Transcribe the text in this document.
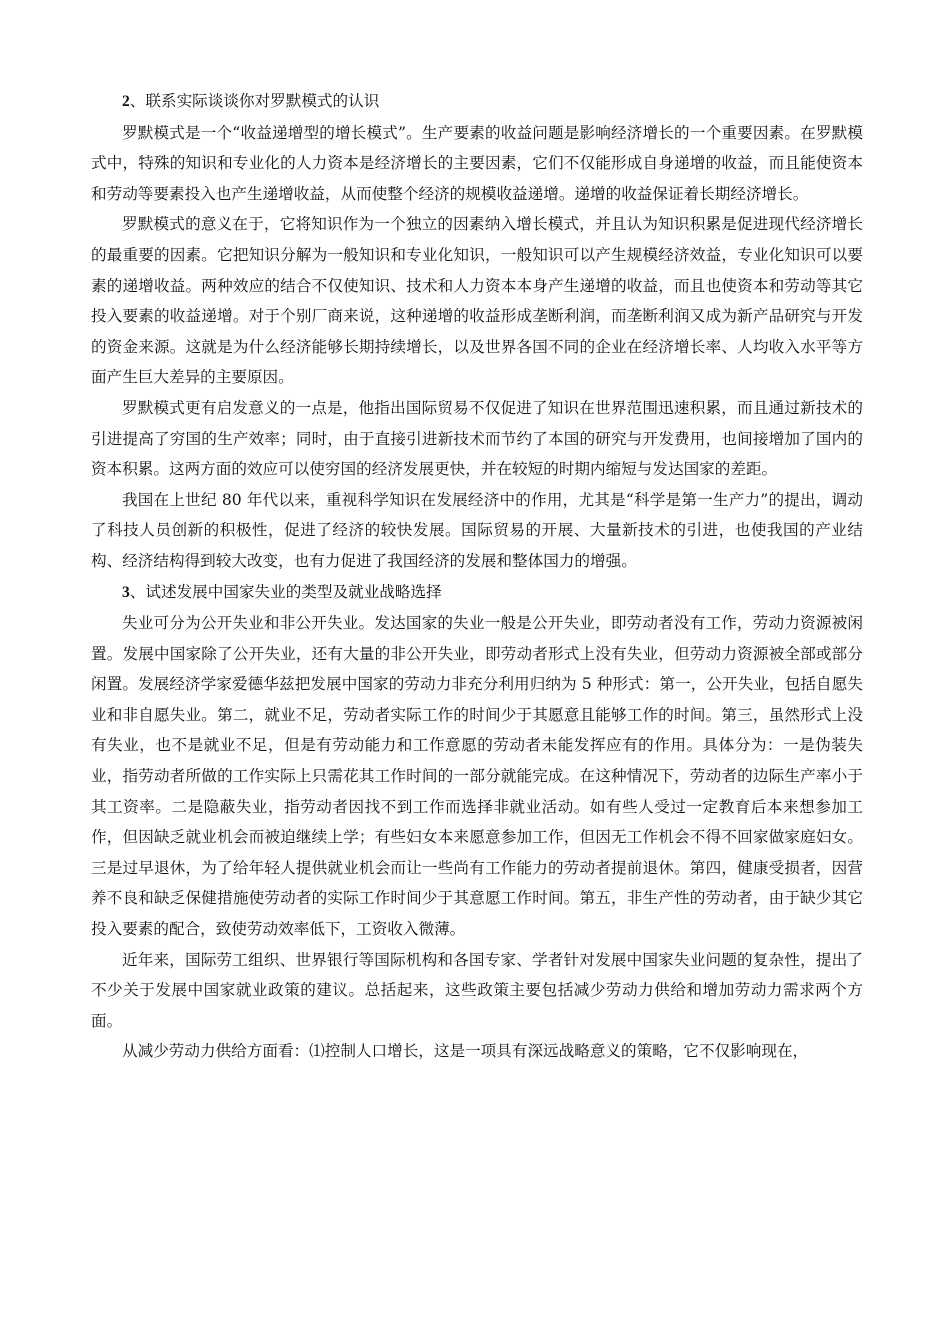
2、联系实际谈谈你对罗默模式的认识

罗默模式是一个“收益递增型的增长模式”。生产要素的收益问题是影响经济增长的一个重要因素。在罗默模式中，特殊的知识和专业化的人力资本是经济增长的主要因素，它们不仅能形成自身递增的收益，而且能使资本和劳动等要素投入也产生递增收益，从而使整个经济的规模收益递增。递增的收益保证着长期经济增长。

罗默模式的意义在于，它将知识作为一个独立的因素纳入增长模式，并且认为知识积累是促进现代经济增长的最重要的因素。它把知识分解为一般知识和专业化知识，一般知识可以产生规模经济效益，专业化知识可以要素的递增收益。两种效应的结合不仅使知识、技术和人力资本本身产生递增的收益，而且也使资本和劳动等其它投入要素的收益递增。对于个别厂商来说，这种递增的收益形成垄断利润，而垄断利润又成为新产品研究与开发的资金来源。这就是为什么经济能够长期持续增长，以及世界各国不同的企业在经济增长率、人均收入水平等方面产生巨大差异的主要原因。

罗默模式更有启发意义的一点是，他指出国际贸易不仅促进了知识在世界范围迅速积累，而且通过新技术的引进提高了穷国的生产效率；同时，由于直接引进新技术而节约了本国的研究与开发费用，也间接增加了国内的资本积累。这两方面的效应可以使穷国的经济发展更快，并在较短的时期内缩短与发达国家的差距。

我国在上世纪 80 年代以来，重视科学知识在发展经济中的作用，尤其是“科学是第一生产力”的提出，调动了科技人员创新的积极性，促进了经济的较快发展。国际贸易的开展、大量新技术的引进，也使我国的产业结构、经济结构得到较大改变，也有力促进了我国经济的发展和整体国力的增强。

3、试述发展中国家失业的类型及就业战略选择

失业可分为公开失业和非公开失业。发达国家的失业一般是公开失业，即劳动者没有工作，劳动力资源被闲置。发展中国家除了公开失业，还有大量的非公开失业，即劳动者形式上没有失业，但劳动力资源被全部或部分闲置。发展经济学家爱德华兹把发展中国家的劳动力非充分利用归纳为 5 种形式：第一，公开失业，包括自愿失业和非自愿失业。第二，就业不足，劳动者实际工作的时间少于其愿意且能够工作的时间。第三，虽然形式上没有失业，也不是就业不足，但是有劳动能力和工作意愿的劳动者未能发挥应有的作用。具体分为：一是伪装失业，指劳动者所做的工作实际上只需花其工作时间的一部分就能完成。在这种情况下，劳动者的边际生产率小于其工资率。二是隐蔽失业，指劳动者因找不到工作而选择非就业活动。如有些人受过一定教育后本来想参加工作，但因缺乏就业机会而被迫继续上学；有些妇女本来愿意参加工作，但因无工作机会不得不回家做家庭妇女。三是过早退休，为了给年轻人提供就业机会而让一些尚有工作能力的劳动者提前退休。第四，健康受损者，因营养不良和缺乏保健措施使劳动者的实际工作时间少于其意愿工作时间。第五，非生产性的劳动者，由于缺少其它投入要素的配合，致使劳动效率低下，工资收入微薄。

近年来，国际劳工组织、世界银行等国际机构和各国专家、学者针对发展中国家失业问题的复杂性，提出了不少关于发展中国家就业政策的建议。总括起来，这些政策主要包括减少劳动力供给和增加劳动力需求两个方面。

从减少劳动力供给方面看：⑴控制人口增长，这是一项具有深远战略意义的策略，它不仅影响现在，
